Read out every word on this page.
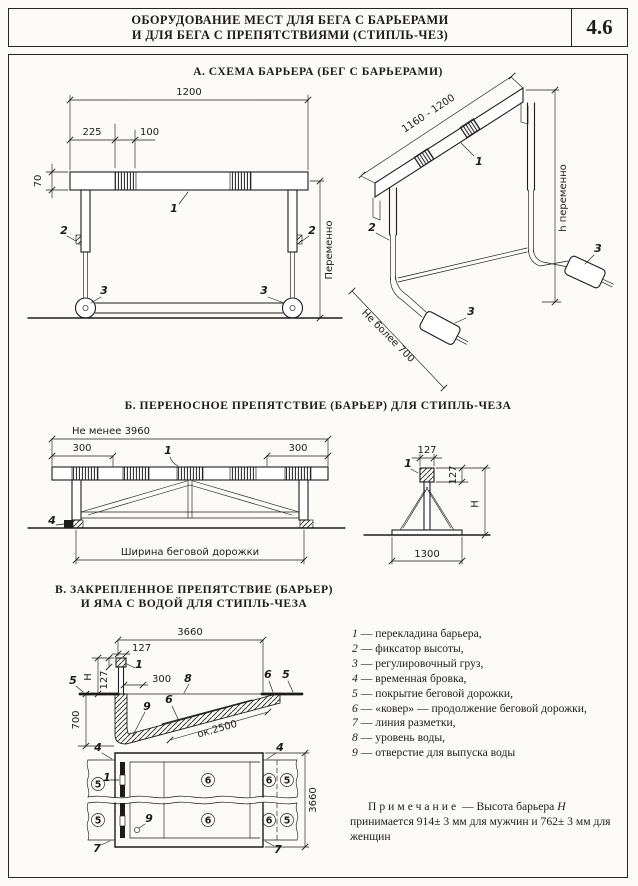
ОБОРУДОВАНИЕ МЕСТ ДЛЯ БЕГА С БАРЬЕРАМИ
И ДЛЯ БЕГА С ПРЕПЯТСТВИЯМИ (СТИПЛЬ-ЧЕЗ)	4.6
А. СХЕМА БАРЬЕРА (БЕГ С БАРЬЕРАМИ)
1200
225	100
70
1
2	2
3	3
Переменно
1160 - 1200
1
2
3
3
h переменно
Не более 700
Б. ПЕРЕНОСНОЕ ПРЕПЯТСТВИЕ (БАРЬЕР) ДЛЯ СТИПЛЬ-ЧЕЗА
Не менее 3960
300	300
1
4
Ширина беговой дорожки
127
1
127
Н
1300
В. ЗАКРЕПЛЕННОЕ ПРЕПЯТСТВИЕ (БАРЬЕР)
И ЯМА С ВОДОЙ ДЛЯ СТИПЛЬ-ЧЕЗА
3660
127
1
Н 127
5
700
300 8
9
6
ок.2500
6 5
1
5
5
6
6
6
6
5
5
9
4	4
7	7
3660
1 — перекладина барьера,
2 — фиксатор высоты,
3 — регулировочный груз,
4 — временная бровка,
5 — покрытие беговой дорожки,
6 — «ковер» — продолжение беговой дорожки,
7 — линия разметки,
8 — уровень воды,
9 — отверстие для выпуска воды

Примечание — Высота барьера Н принимается 914± 3 мм для мужчин и 762± 3 мм для женщин
